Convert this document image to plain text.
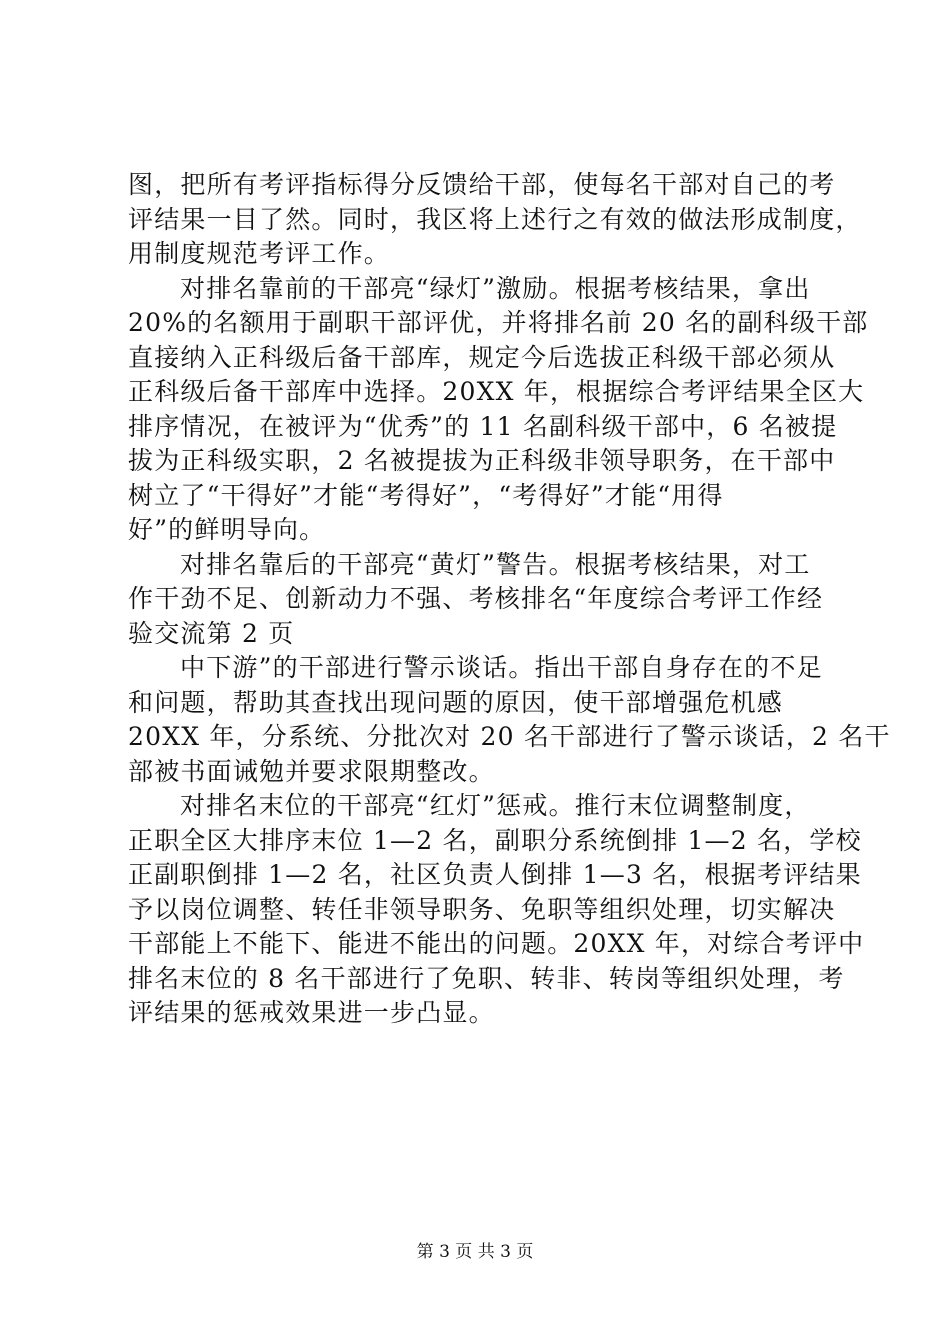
图，把所有考评指标得分反馈给干部，使每名干部对自己的考
评结果一目了然。同时，我区将上述行之有效的做法形成制度，
用制度规范考评工作。
对排名靠前的干部亮“绿灯”激励。根据考核结果，拿出
20%的名额用于副职干部评优，并将排名前 20 名的副科级干部
直接纳入正科级后备干部库，规定今后选拔正科级干部必须从
正科级后备干部库中选择。20XX 年，根据综合考评结果全区大
排序情况，在被评为“优秀”的 11 名副科级干部中，6 名被提
拔为正科级实职，2 名被提拔为正科级非领导职务，在干部中
树立了“干得好”才能“考得好”，“考得好”才能“用得
好”的鲜明导向。
对排名靠后的干部亮“黄灯”警告。根据考核结果，对工
作干劲不足、创新动力不强、考核排名“年度综合考评工作经
验交流第 2 页
中下游”的干部进行警示谈话。指出干部自身存在的不足
和问题，帮助其查找出现问题的原因，使干部增强危机感
20XX 年，分系统、分批次对 20 名干部进行了警示谈话，2 名干
部被书面诫勉并要求限期整改。
对排名末位的干部亮“红灯”惩戒。推行末位调整制度，
正职全区大排序末位 1—2 名，副职分系统倒排 1—2 名，学校
正副职倒排 1—2 名，社区负责人倒排 1—3 名，根据考评结果
予以岗位调整、转任非领导职务、免职等组织处理，切实解决
干部能上不能下、能进不能出的问题。20XX 年，对综合考评中
排名末位的 8 名干部进行了免职、转非、转岗等组织处理，考
评结果的惩戒效果进一步凸显。
第 3 页 共 3 页
